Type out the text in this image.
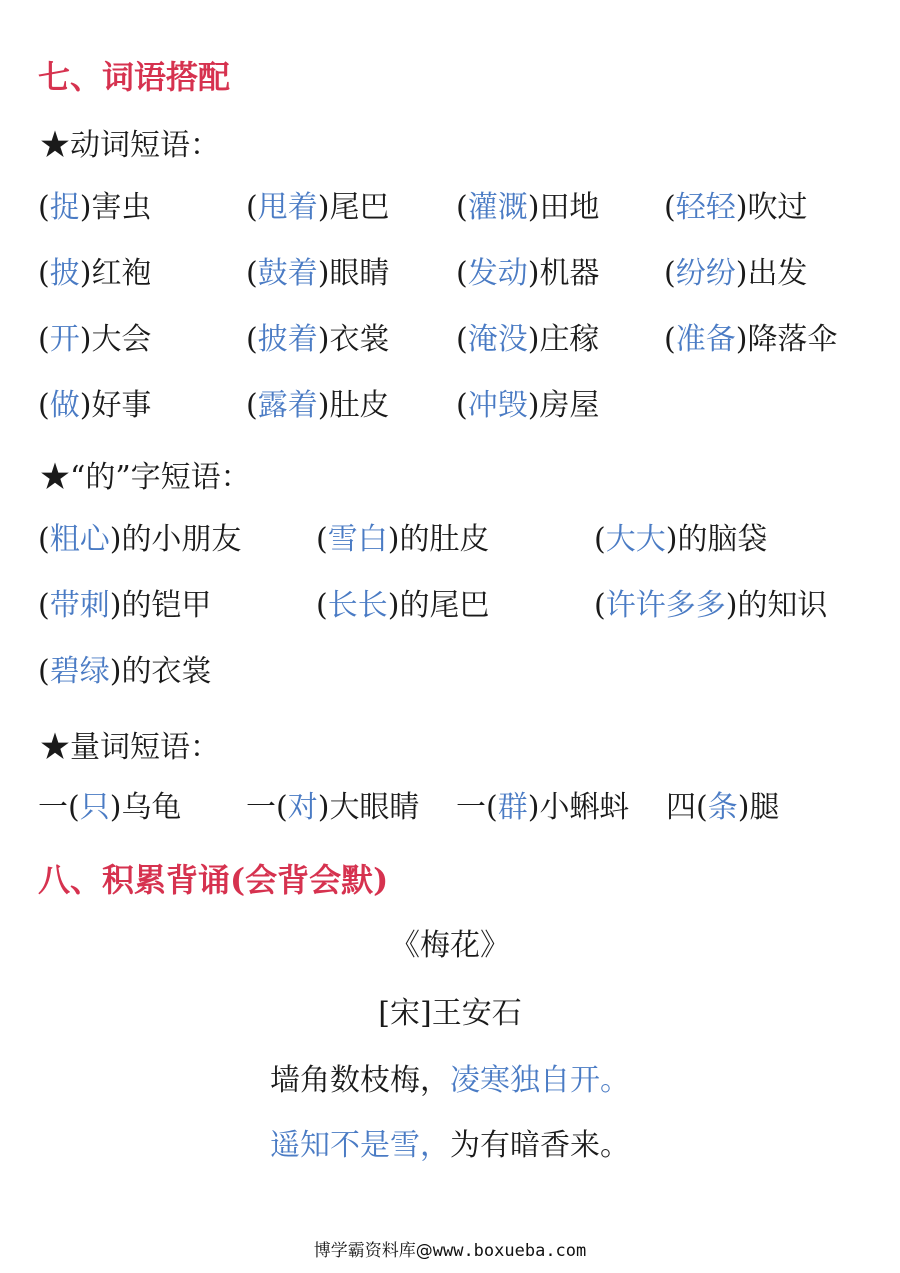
七、词语搭配
★动词短语：
(捉)害虫	(甩着)尾巴 (灌溉)田地 (轻轻)吹过
(披)红袍	(鼓着)眼睛 (发动)机器 (纷纷)出发
(开)大会	(披着)衣裳 (淹没)庄稼 (准备)降落伞
(做)好事	(露着)肚皮 (冲毁)房屋
★“的”字短语：
(粗心)的小朋友 (雪白)的肚皮	(大大)的脑袋
(带刺)的铠甲	(长长)的尾巴	(许许多多)的知识
(碧绿)的衣裳
★量词短语：
一(只)乌龟 一(对)大眼睛 一(群)小蝌蚪 四(条)腿
八、积累背诵(会背会默)
《梅花》
[宋]王安石
墙角数枝梅，凌寒独自开。
遥知不是雪，为有暗香来。
博学霸资料库@www.boxueba.com
